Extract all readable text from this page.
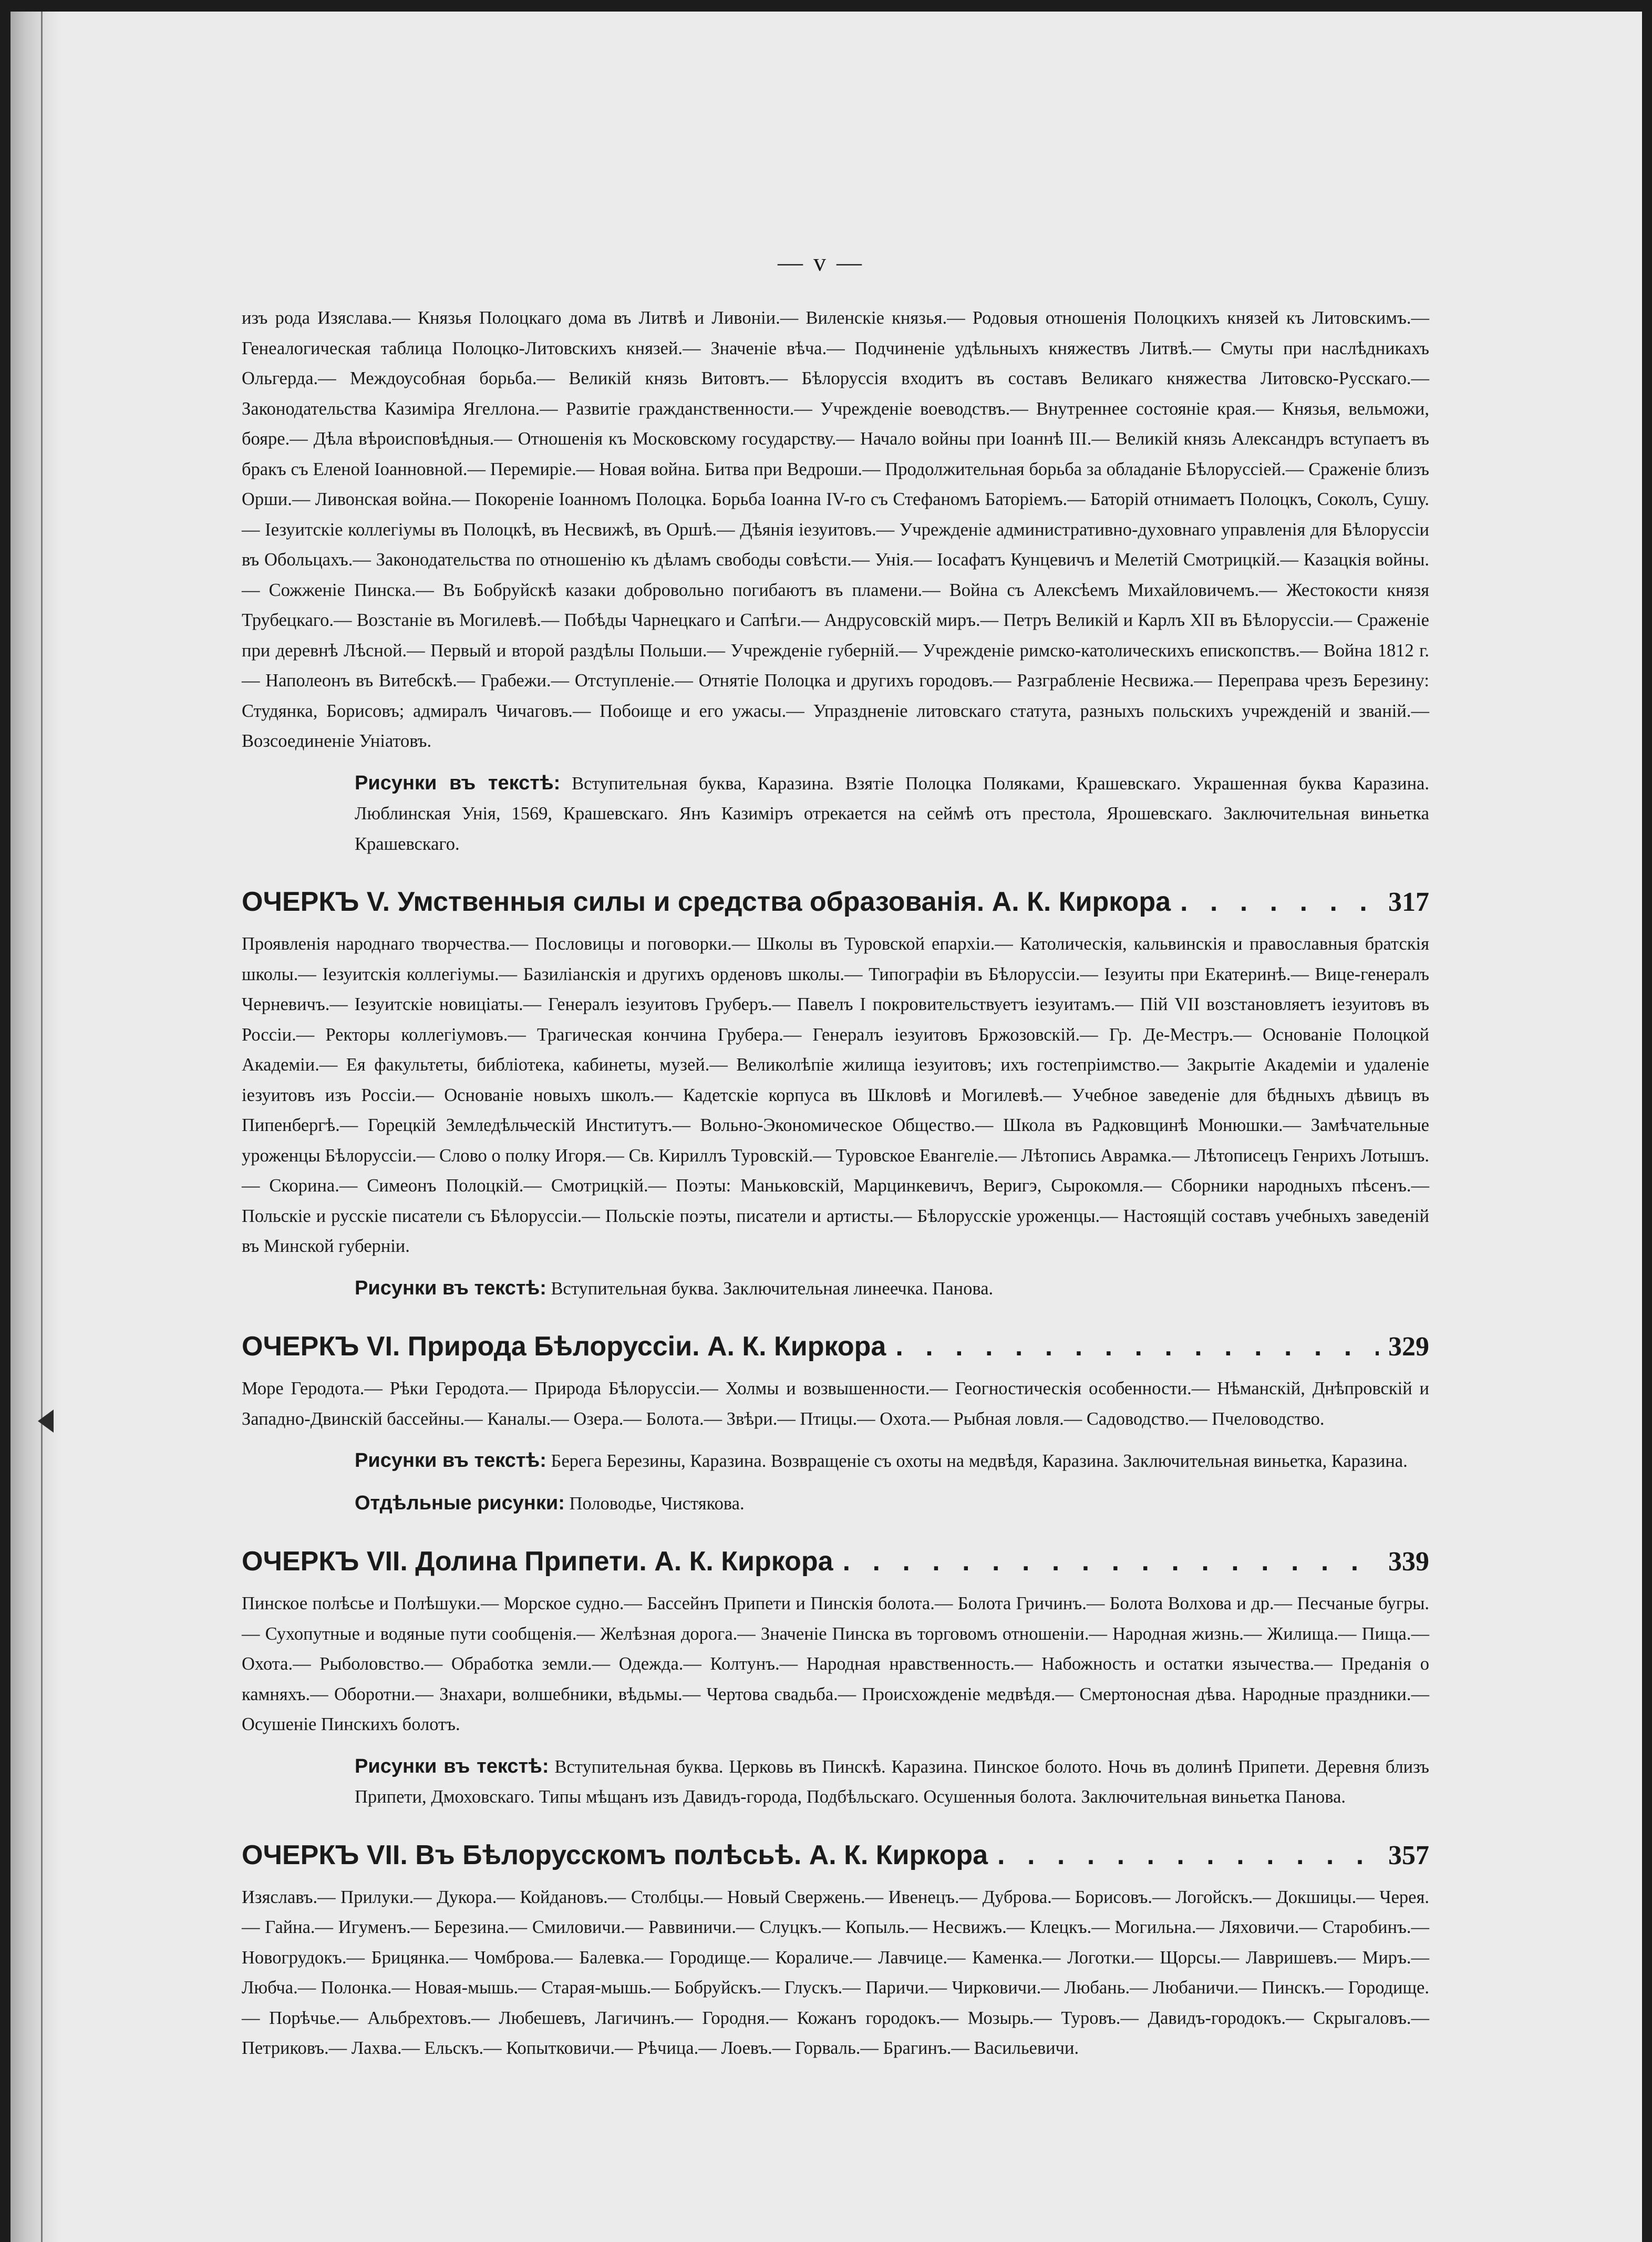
— v —

изъ рода Изяслава.— Князья Полоцкаго дома въ Литвѣ и Ливоніи.— Виленскіе князья.— Родовыя отношенія Полоцкихъ князей къ Литовскимъ.— Генеалогическая таблица Полоцко-Литовскихъ князей.— Значеніе вѣча.— Подчиненіе удѣльныхъ княжествъ Литвѣ.— Смуты при наслѣдникахъ Ольгерда.— Междоусобная борьба.— Великій князь Витовтъ.— Бѣлоруссія входитъ въ составъ Великаго княжества Литовско-Русскаго.— Законодательства Казиміра Ягеллона.— Развитіе гражданственности.— Учрежденіе воеводствъ.— Внутреннее состояніе края.— Князья, вельможи, бояре.— Дѣла вѣроисповѣдныя.— Отношенія къ Московскому государству.— Начало войны при Іоаннѣ III.— Великій князь Александръ вступаетъ въ бракъ съ Еленой Іоанновной.— Перемиріе.— Новая война. Битва при Ведроши.— Продолжительная борьба за обладаніе Бѣлоруссіей.— Сраженіе близъ Орши.— Ливонская война.— Покореніе Іоанномъ Полоцка. Борьба Іоанна IV-го съ Стефаномъ Баторіемъ.— Баторій отнимаетъ Полоцкъ, Соколъ, Сушу.— Іезуитскіе коллегіумы въ Полоцкѣ, въ Несвижѣ, въ Оршѣ.— Дѣянія іезуитовъ.— Учрежденіе административно-духовнаго управленія для Бѣлоруссіи въ Обольцахъ.— Законодательства по отношенію къ дѣламъ свободы совѣсти.— Унія.— Іосафатъ Кунцевичъ и Мелетій Смотрицкій.— Казацкія войны.— Сожженіе Пинска.— Въ Бобруйскѣ казаки добровольно погибаютъ въ пламени.— Война съ Алексѣемъ Михайловичемъ.— Жестокости князя Трубецкаго.— Возстаніе въ Могилевѣ.— Побѣды Чарнецкаго и Сапѣги.— Андрусовскій миръ.— Петръ Великій и Карлъ XII въ Бѣлоруссіи.— Сраженіе при деревнѣ Лѣсной.— Первый и второй раздѣлы Польши.— Учрежденіе губерній.— Учрежденіе римско-католическихъ епископствъ.— Война 1812 г.— Наполеонъ въ Витебскѣ.— Грабежи.— Отступленіе.— Отнятіе Полоцка и другихъ городовъ.— Разграбленіе Несвижа.— Переправа чрезъ Березину: Студянка, Борисовъ; адмиралъ Чичаговъ.— Побоище и его ужасы.— Упраздненіе литовскаго статута, разныхъ польскихъ учрежденій и званій.— Возсоединеніе Уніатовъ.

Рисунки въ текстѣ: Вступительная буква, Каразина. Взятіе Полоцка Поляками, Крашевскаго. Украшенная буква Каразина. Люблинская Унія, 1569, Крашевскаго. Янъ Казиміръ отрекается на сеймѣ отъ престола, Ярошевскаго. Заключительная виньетка Крашевскаго.
ОЧЕРКЪ V. Умственныя силы и средства образованія. А. К. Киркора . . .	317

Проявленія народнаго творчества.— Пословицы и поговорки.— Школы въ Туровской епархіи.— Католическія, кальвинскія и православныя братскія школы.— Іезуитскія коллегіумы.— Базиліанскія и другихъ орденовъ школы.— Типографіи въ Бѣлоруссіи.— Іезуиты при Екатеринѣ.— Вице-генералъ Черневичъ.— Іезуитскіе новиціаты.— Генералъ іезуитовъ Груберъ.— Павелъ I покровительствуетъ іезуитамъ.— Пій VII возстановляетъ іезуитовъ въ Россіи.— Ректоры коллегіумовъ.— Трагическая кончина Грубера.— Генералъ іезуитовъ Бржозовскій.— Гр. Де-Местръ.— Основаніе Полоцкой Академіи.— Ея факультеты, библіотека, кабинеты, музей.— Великолѣпіе жилища іезуитовъ; ихъ гостепріимство.— Закрытіе Академіи и удаленіе іезуитовъ изъ Россіи.— Основаніе новыхъ школъ.— Кадетскіе корпуса въ Шкловѣ и Могилевѣ.— Учебное заведеніе для бѣдныхъ дѣвицъ въ Пипенбергѣ.— Горецкій Земледѣльческій Институтъ.— Вольно-Экономическое Общество.— Школа въ Радковщинѣ Монюшки.— Замѣчательные уроженцы Бѣлоруссіи.— Слово о полку Игоря.— Св. Кириллъ Туровскій.— Туровское Евангеліе.— Лѣтопись Аврамка.— Лѣтописецъ Генрихъ Лотышъ.— Скорина.— Симеонъ Полоцкій.— Смотрицкій.— Поэты: Маньковскій, Марцинкевичъ, Веригэ, Сырокомля.— Сборники народныхъ пѣсенъ.— Польскіе и русскіе писатели съ Бѣлоруссіи.— Польскіе поэты, писатели и артисты.— Бѣлорусскіе уроженцы.— Настоящій составъ учебныхъ заведеній въ Минской губерніи.

Рисунки въ текстѣ: Вступительная буква. Заключительная линеечка. Панова.
ОЧЕРКЪ VI. Природа Бѣлоруссіи. А. К. Киркора . . .	329

Море Геродота.— Рѣки Геродота.— Природа Бѣлоруссіи.— Холмы и возвышенности.— Геогностическія особенности.— Нѣманскій, Днѣпровскій и Западно-Двинскій бассейны.— Каналы.— Озера.— Болота.— Звѣри.— Птицы.— Охота.— Рыбная ловля.— Садоводство.— Пчеловодство.

Рисунки въ текстѣ: Берега Березины, Каразина. Возвращеніе съ охоты на медвѣдя, Каразина. Заключительная виньетка, Каразина.
Отдѣльные рисунки: Половодье, Чистякова.
ОЧЕРКЪ VII. Долина Припети. А. К. Киркора . . .	339

Пинское полѣсье и Полѣшуки.— Морское судно.— Бассейнъ Припети и Пинскія болота.— Болота Гричинъ.— Болота Волхова и др.— Песчаные бугры.— Сухопутные и водяные пути сообщенія.— Желѣзная дорога.— Значеніе Пинска въ торговомъ отношеніи.— Народная жизнь.— Жилища.— Пища.— Охота.— Рыболовство.— Обработка земли.— Одежда.— Колтунъ.— Народная нравственность.— Набожность и остатки язычества.— Преданія о камняхъ.— Оборотни.— Знахари, волшебники, вѣдьмы.— Чертова свадьба.— Происхожденіе медвѣдя.— Смертоносная дѣва. Народные праздники.— Осушеніе Пинскихъ болотъ.

Рисунки въ текстѣ: Вступительная буква. Церковь въ Пинскѣ. Каразина. Пинское болото. Ночь въ долинѣ Припети. Деревня близъ Припети, Дмоховскаго. Типы мѣщанъ изъ Давидъ-города, Подбѣльскаго. Осушенныя болота. Заключительная виньетка Панова.
ОЧЕРКЪ VII. Въ Бѣлорусскомъ полѣсьѣ. А. К. Киркора . . .	357

Изяславъ.— Прилуки.— Дукора.— Койдановъ.— Столбцы.— Новый Свержень.— Ивенецъ.— Дуброва.— Борисовъ.— Логойскъ.— Докшицы.— Черея.— Гайна.— Игуменъ.— Березина.— Смиловичи.— Раввиничи.— Слуцкъ.— Копыль.— Несвижъ.— Клецкъ.— Могильна.— Ляховичи.— Старобинъ.— Новогрудокъ.— Брицянка.— Чомброва.— Балевка.— Городище.— Кораличе.— Лавчице.— Каменка.— Логотки.— Щорсы.— Лавришевъ.— Миръ.— Любча.— Полонка.— Новая-мышь.— Старая-мышь.— Бобруйскъ.— Глускъ.— Паричи.— Чирковичи.— Любань.— Любаничи.— Пинскъ.— Городище.— Порѣчье.— Альбрехтовъ.— Любешевъ, Лагичинъ.— Городня.— Кожанъ городокъ.— Мозырь.— Туровъ.— Давидъ-городокъ.— Скрыгаловъ.— Петриковъ.— Лахва.— Ельскъ.— Копытковичи.— Рѣчица.— Лоевъ.— Горваль.— Брагинъ.— Васильевичи.
